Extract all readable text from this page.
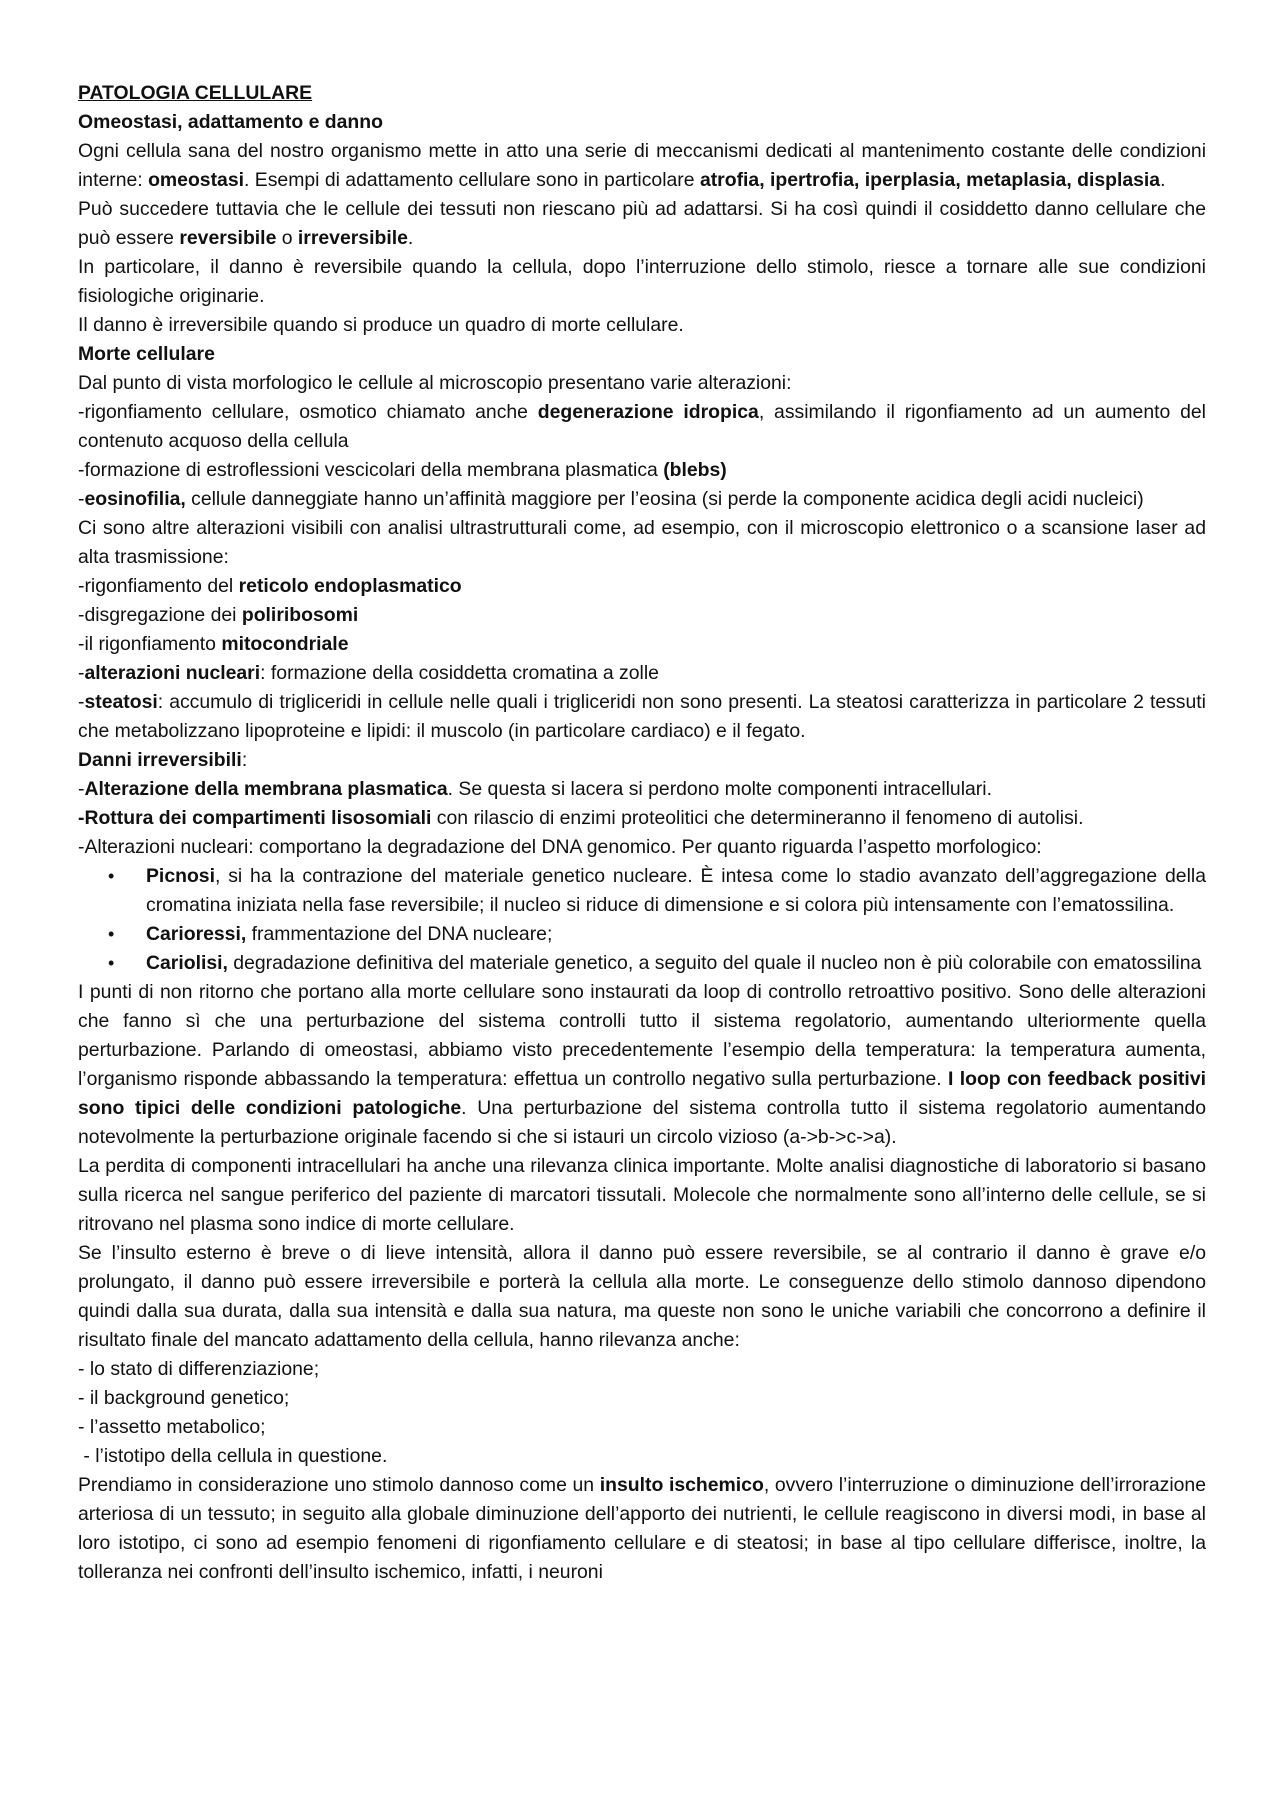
PATOLOGIA CELLULARE

Omeostasi, adattamento e danno

Ogni cellula sana del nostro organismo mette in atto una serie di meccanismi dedicati al mantenimento costante delle condizioni interne: omeostasi. Esempi di adattamento cellulare sono in particolare atrofia, ipertrofia, iperplasia, metaplasia, displasia.

Può succedere tuttavia che le cellule dei tessuti non riescano più ad adattarsi. Si ha così quindi il cosiddetto danno cellulare che può essere reversibile o irreversibile.

In particolare, il danno è reversibile quando la cellula, dopo l’interruzione dello stimolo, riesce a tornare alle sue condizioni fisiologiche originarie.

Il danno è irreversibile quando si produce un quadro di morte cellulare.

Morte cellulare

Dal punto di vista morfologico le cellule al microscopio presentano varie alterazioni:

-rigonfiamento cellulare, osmotico chiamato anche degenerazione idropica, assimilando il rigonfiamento ad un aumento del contenuto acquoso della cellula

-formazione di estroflessioni vescicolari della membrana plasmatica (blebs)

-eosinofilia, cellule danneggiate hanno un’affinità maggiore per l’eosina (si perde la componente acidica degli acidi nucleici)

Ci sono altre alterazioni visibili con analisi ultrastrutturali come, ad esempio, con il microscopio elettronico o a scansione laser ad alta trasmissione:

-rigonfiamento del reticolo endoplasmatico

-disgregazione dei poliribosomi

-il rigonfiamento mitocondriale

-alterazioni nucleari: formazione della cosiddetta cromatina a zolle

-steatosi: accumulo di trigliceridi in cellule nelle quali i trigliceridi non sono presenti. La steatosi caratterizza in particolare 2 tessuti che metabolizzano lipoproteine e lipidi: il muscolo (in particolare cardiaco) e il fegato.

Danni irreversibili:

-Alterazione della membrana plasmatica. Se questa si lacera si perdono molte componenti intracellulari.

-Rottura dei compartimenti lisosomiali con rilascio di enzimi proteolitici che determineranno il fenomeno di autolisi.

-Alterazioni nucleari: comportano la degradazione del DNA genomico. Per quanto riguarda l’aspetto morfologico:

• Picnosi, si ha la contrazione del materiale genetico nucleare. È intesa come lo stadio avanzato dell’aggregazione della cromatina iniziata nella fase reversibile; il nucleo si riduce di dimensione e si colora più intensamente con l’ematossilina.
• Carioressi, frammentazione del DNA nucleare;
• Cariolisi, degradazione definitiva del materiale genetico, a seguito del quale il nucleo non è più colorabile con ematossilina

I punti di non ritorno che portano alla morte cellulare sono instaurati da loop di controllo retroattivo positivo. Sono delle alterazioni che fanno sì che una perturbazione del sistema controlli tutto il sistema regolatorio, aumentando ulteriormente quella perturbazione. Parlando di omeostasi, abbiamo visto precedentemente l’esempio della temperatura: la temperatura aumenta, l’organismo risponde abbassando la temperatura: effettua un controllo negativo sulla perturbazione. I loop con feedback positivi sono tipici delle condizioni patologiche. Una perturbazione del sistema controlla tutto il sistema regolatorio aumentando notevolmente la perturbazione originale facendo si che si istauri un circolo vizioso (a->b->c->a).

La perdita di componenti intracellulari ha anche una rilevanza clinica importante. Molte analisi diagnostiche di laboratorio si basano sulla ricerca nel sangue periferico del paziente di marcatori tissutali. Molecole che normalmente sono all’interno delle cellule, se si ritrovano nel plasma sono indice di morte cellulare.

Se l’insulto esterno è breve o di lieve intensità, allora il danno può essere reversibile, se al contrario il danno è grave e/o prolungato, il danno può essere irreversibile e porterà la cellula alla morte. Le conseguenze dello stimolo dannoso dipendono quindi dalla sua durata, dalla sua intensità e dalla sua natura, ma queste non sono le uniche variabili che concorrono a definire il risultato finale del mancato adattamento della cellula, hanno rilevanza anche:

- lo stato di differenziazione;

- il background genetico;

- l’assetto metabolico;

- l’istotipo della cellula in questione.

Prendiamo in considerazione uno stimolo dannoso come un insulto ischemico, ovvero l’interruzione o diminuzione dell’irrorazione arteriosa di un tessuto; in seguito alla globale diminuzione dell’apporto dei nutrienti, le cellule reagiscono in diversi modi, in base al loro istotipo, ci sono ad esempio fenomeni di rigonfiamento cellulare e di steatosi; in base al tipo cellulare differisce, inoltre, la tolleranza nei confronti dell’insulto ischemico, infatti, i neuroni
